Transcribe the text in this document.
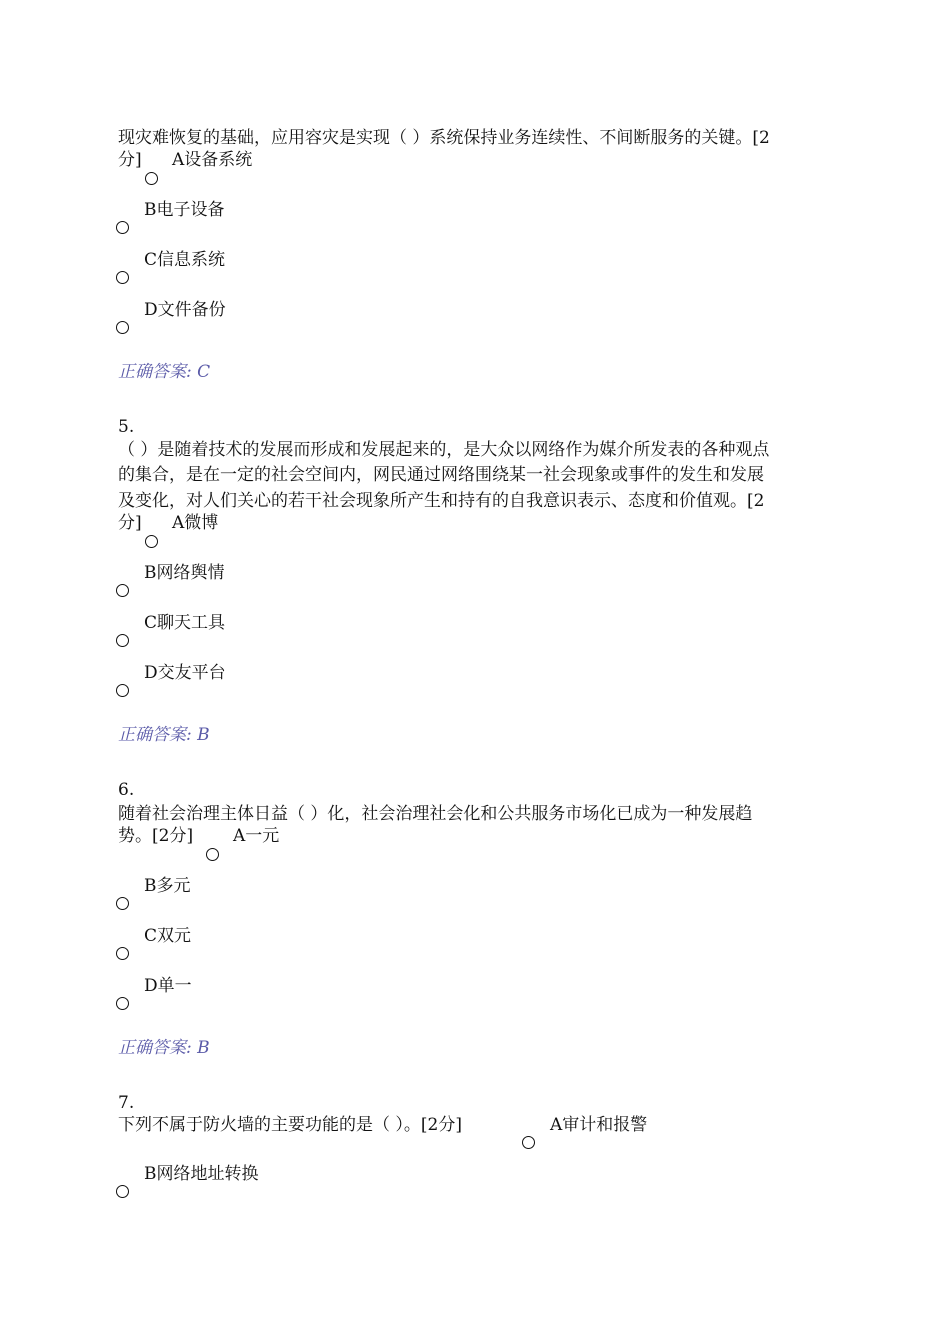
现灾难恢复的基础，应用容灾是实现（ ）系统保持业务连续性、不间断服务的关键。[2
分] A设备系统
B电子设备
C信息系统
D文件备份
正确答案: C
5.
（ ）是随着技术的发展而形成和发展起来的，是大众以网络作为媒介所发表的各种观点
的集合，是在一定的社会空间内，网民通过网络围绕某一社会现象或事件的发生和发展
及变化，对人们关心的若干社会现象所产生和持有的自我意识表示、态度和价值观。[2
分] A微博
B网络舆情
C聊天工具
D交友平台
正确答案: B
6.
随着社会治理主体日益（ ）化，社会治理社会化和公共服务市场化已成为一种发展趋
势。[2分] A一元
B多元
C双元
D单一
正确答案: B
7.
下列不属于防火墙的主要功能的是（ ）。[2分]	A审计和报警
B网络地址转换
